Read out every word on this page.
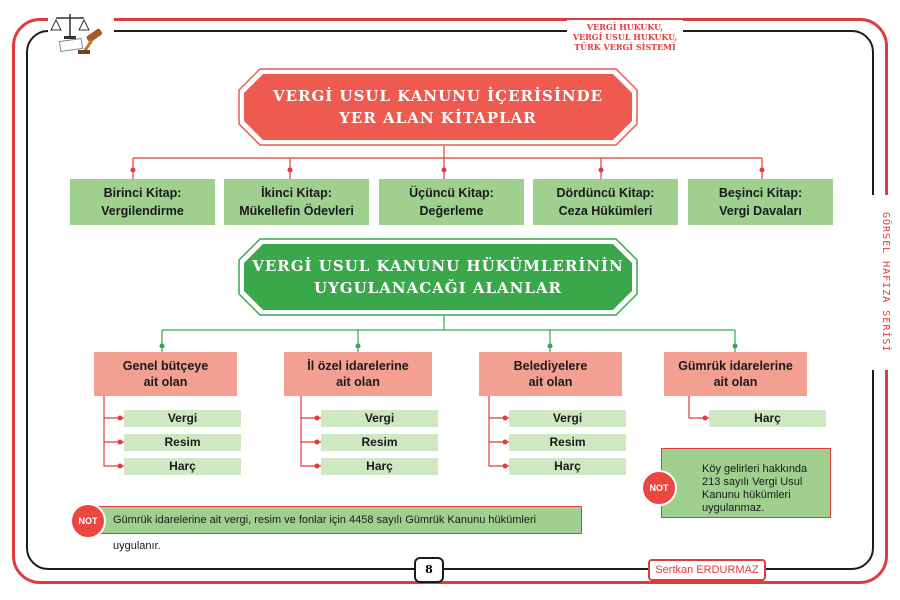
VERGİ HUKUKU,
VERGİ USUL HUKUKU,
TÜRK VERGİ SİSTEMİ
GÖRSEL HAFIZA SERİSİ
VERGİ USUL KANUNU İÇERİSİNDE
YER ALAN KİTAPLAR
Birinci Kitap:
Vergilendirme
İkinci Kitap:
Mükellefin Ödevleri
Üçüncü Kitap:
Değerleme
Dördüncü Kitap:
Ceza Hükümleri
Beşinci Kitap:
Vergi Davaları
VERGİ USUL KANUNU HÜKÜMLERİNİN
UYGULANACAĞI ALANLAR
Genel bütçeye
ait olan
İl özel idarelerine
ait olan
Belediyelere
ait olan
Gümrük idarelerine
ait olan
Vergi
Resim
Harç
Vergi
Resim
Harç
Vergi
Resim
Harç
Harç
Köy gelirleri hakkında 213 sayılı Vergi Usul Kanunu hükümleri uygulanmaz.
NOT
Gümrük idarelerine ait vergi, resim ve fonlar için 4458 sayılı Gümrük Kanunu hükümleri uygulanır.
NOT
8	Sertkan ERDURMAZ
